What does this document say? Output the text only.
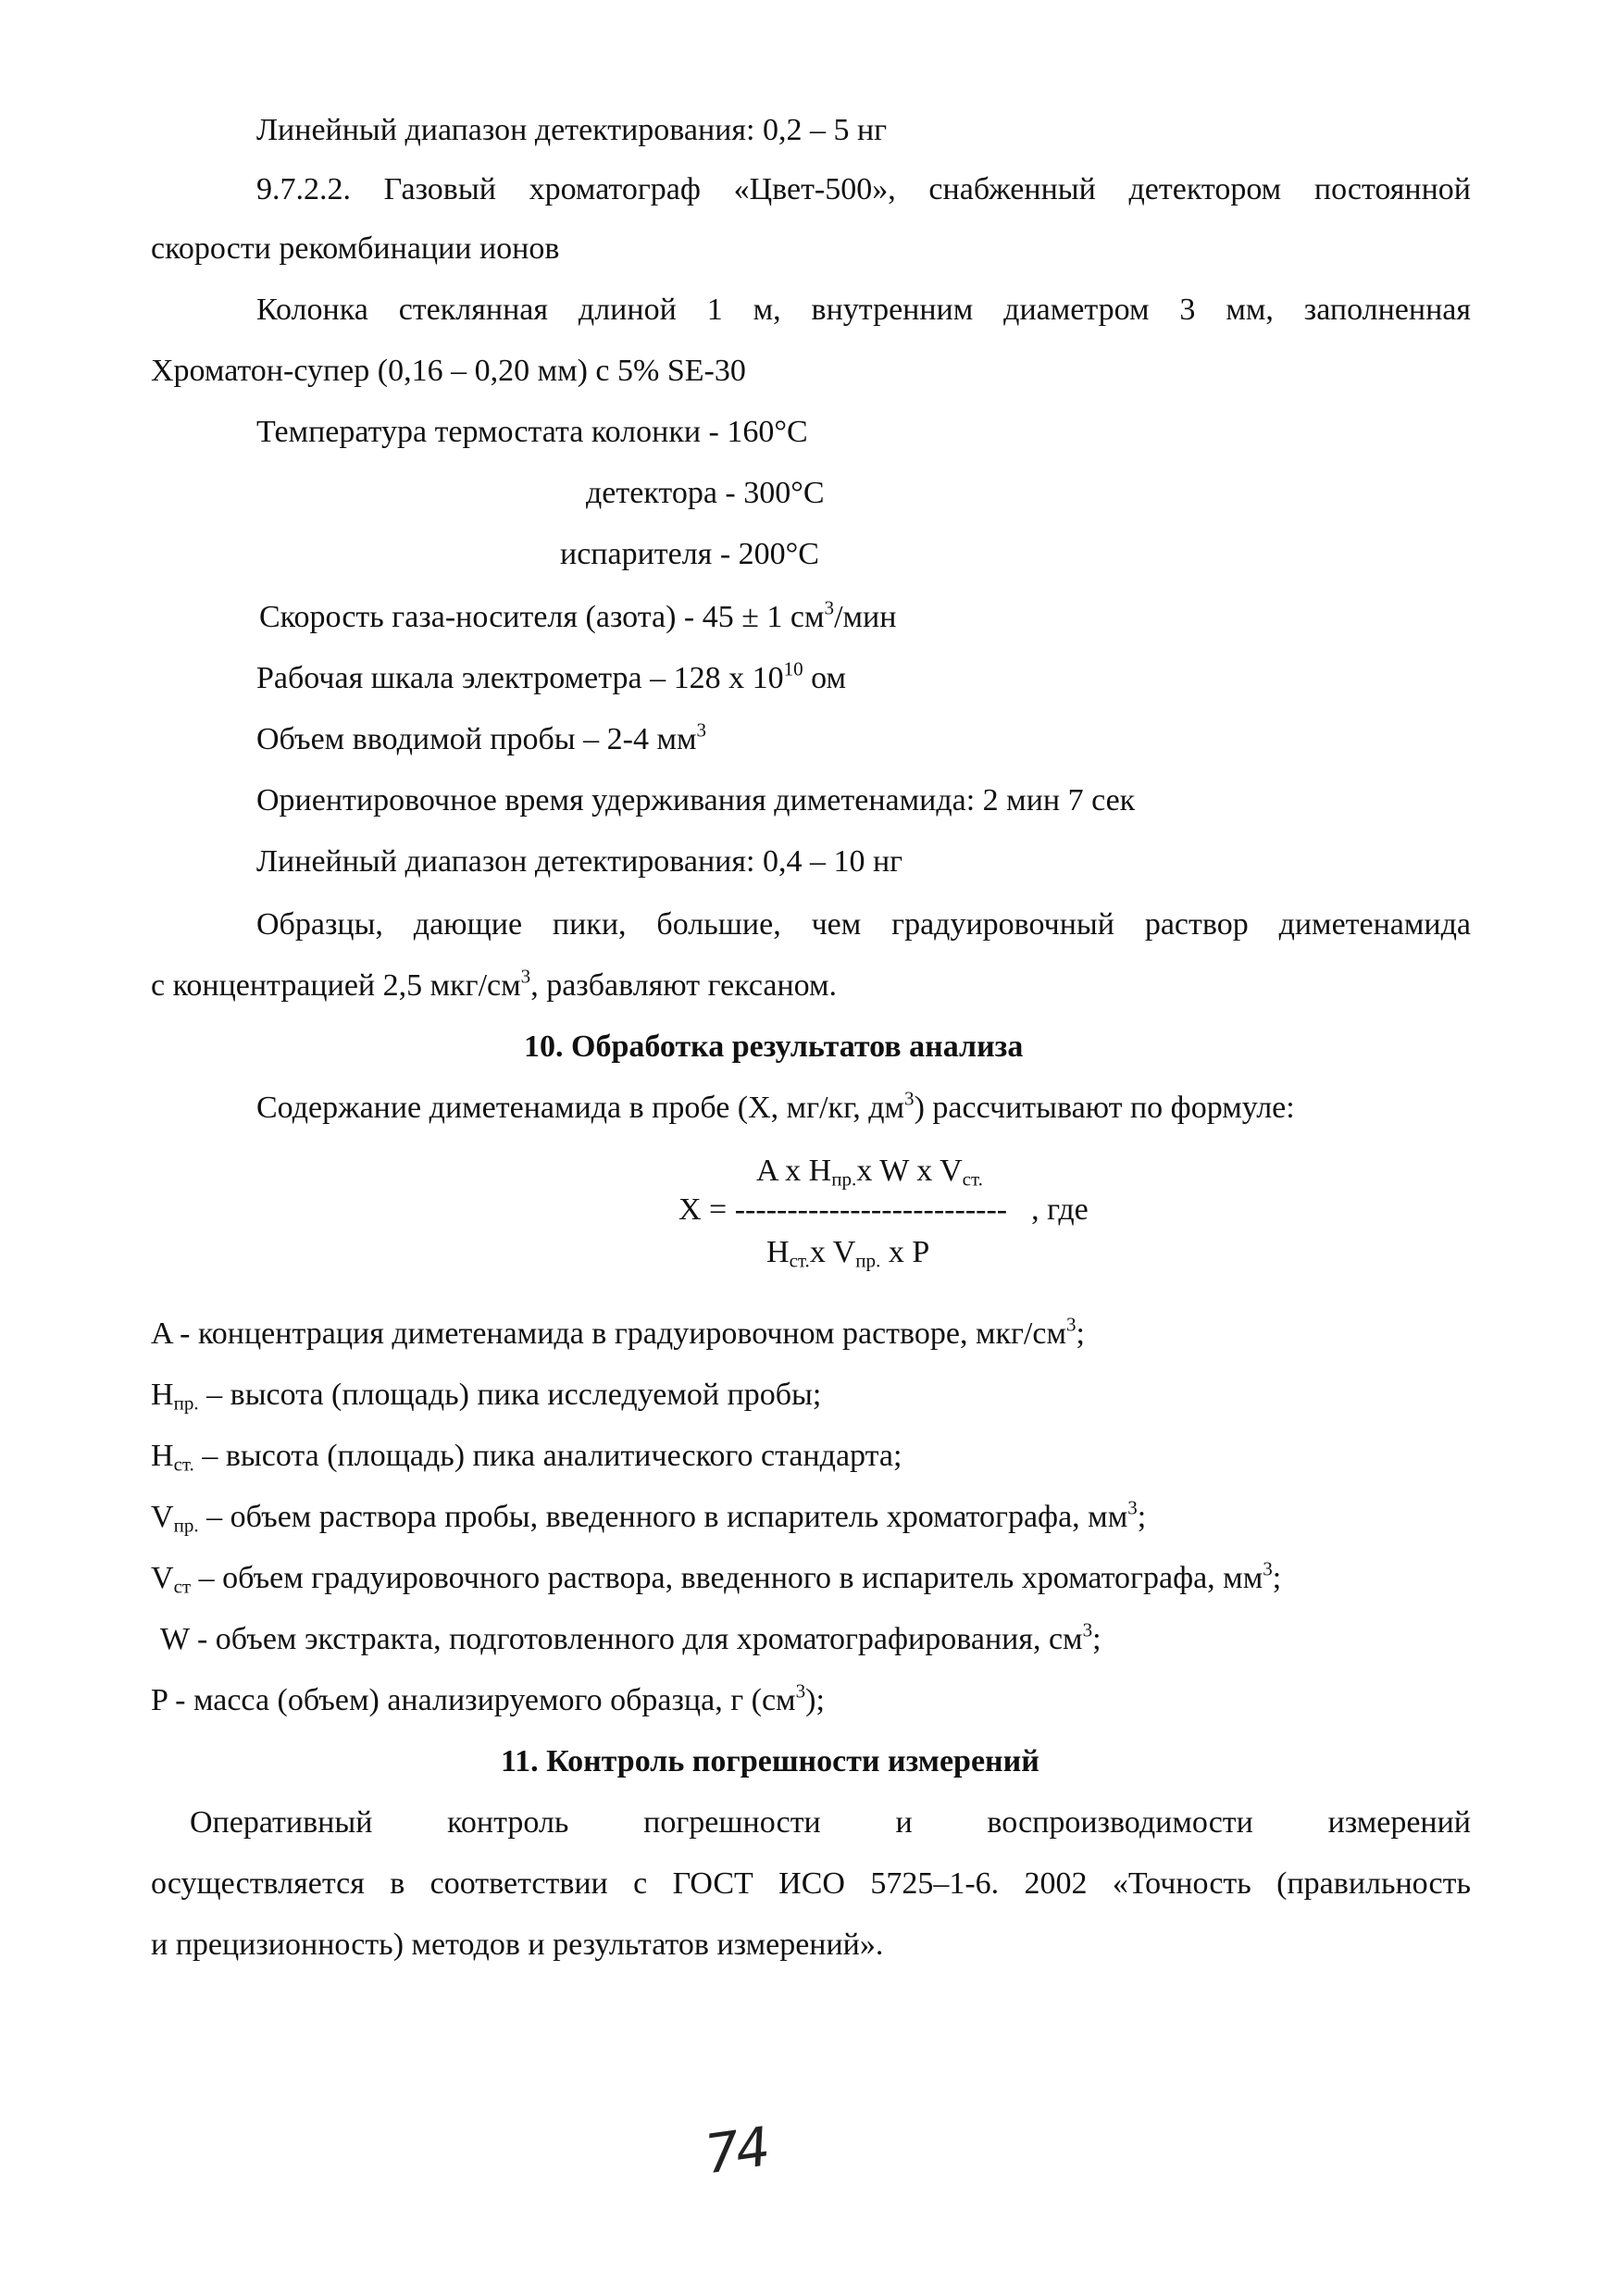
Линейный диапазон детектирования: 0,2 – 5 нг
9.7.2.2. Газовый хроматограф «Цвет-500», снабженный детектором постоянной
скорости рекомбинации ионов
Колонка стеклянная длиной 1 м, внутренним диаметром 3 мм, заполненная
Хроматон-супер (0,16 – 0,20 мм) с 5% SE-30
Температура термостата колонки - 160°С
детектора - 300°С
испарителя - 200°С
Скорость газа-носителя (азота) - 45 ± 1 $см^3$/мин
Рабочая шкала электрометра – 128 х $10^{10}$ ом
Объем вводимой пробы – 2-4 $мм^3$
Ориентировочное время удерживания диметенамида: 2 мин 7 сек
Линейный диапазон детектирования: 0,4 – 10 нг
Образцы, дающие пики, большие, чем градуировочный раствор диметенамида
с концентрацией 2,5 мкг/$см^3$, разбавляют гексаном.
10. Обработка результатов анализа
Содержание диметенамида в пробе (Х, мг/кг, $дм^3$) рассчитывают по формуле:
A x $H_{пр.}x$ W x $V_{ст.}$
X = -------------------------- , где
$H_{ст.}x$ $V_{пр.}$ x P
A - концентрация диметенамида в градуировочном растворе, мкг/$см^3$;
$H_{пр.}$ – высота (площадь) пика исследуемой пробы;
$H_{ст.}$ – высота (площадь) пика аналитического стандарта;
$V_{пр.}$ – объем раствора пробы, введенного в испаритель хроматографа, $мм^3$;
$V_{ст}$ – объем градуировочного раствора, введенного в испаритель хроматографа, $мм^3$;
W - объем экстракта, подготовленного для хроматографирования, $см^3$;
P - масса (объем) анализируемого образца, г $(см^3)$;
11. Контроль погрешности измерений
Оперативный контроль погрешности и воспроизводимости измерений
осуществляется в соответствии с ГОСТ ИСО 5725–1-6. 2002 «Точность (правильность
и прецизионность) методов и результатов измерений».
74
